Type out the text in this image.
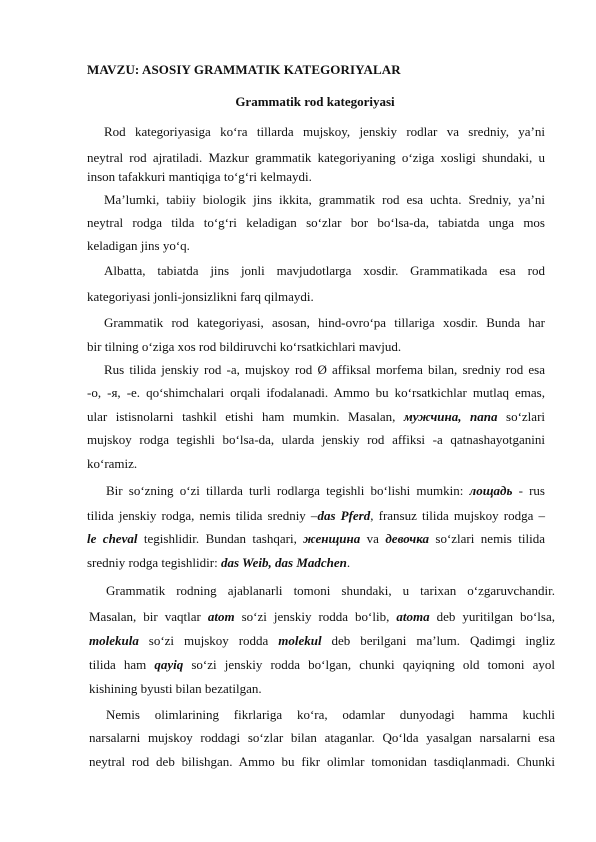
MAVZU: ASOSIY GRAMMATIK KATEGORIYALAR
Grammatik rod kategoriyasi
Rod kategoriyasiga ko‘ra tillarda mujskoy, jenskiy rodlar va sredniy, ya’ni
neytral rod ajratiladi. Mazkur grammatik kategoriyaning o‘ziga xosligi shundaki, u
inson tafakkuri mantiqiga to‘g‘ri kelmaydi.
Ma’lumki, tabiiy biologik jins ikkita, grammatik rod esa uchta. Sredniy, ya’ni
neytral rodga tilda to‘g‘ri keladigan so‘zlar bor bo‘lsa-da, tabiatda unga mos
keladigan jins yo‘q.
Albatta, tabiatda jins jonli mavjudotlarga xosdir. Grammatikada esa rod
kategoriyasi jonli-jonsizlikni farq qilmaydi.
Grammatik rod kategoriyasi, asosan, hind-ovro‘pa tillariga xosdir. Bunda har
bir tilning o‘ziga xos rod bildiruvchi ko‘rsatkichlari mavjud.
Rus tilida jenskiy rod -a, mujskoy rod Ø affiksal morfema bilan, sredniy rod esa
-o, -я, -e. qo‘shimchalari orqali ifodalanadi. Ammo bu ko‘rsatkichlar mutlaq emas,
ular istisnolarni tashkil etishi ham mumkin. Masalan, мужчина, папа so‘zlari
mujskoy rodga tegishli bo‘lsa-da, ularda jenskiy rod affiksi -a qatnashayotganini
ko‘ramiz.
Bir so‘zning o‘zi tillarda turli rodlarga tegishli bo‘lishi mumkin: лощадь - rus
tilida jenskiy rodga, nemis tilida sredniy –das Pferd, fransuz tilida mujskoy rodga –
le cheval tegishlidir. Bundan tashqari, женщина va девочка so‘zlari nemis tilida
sredniy rodga tegishlidir: das Weib, das Madchen.
Grammatik rodning ajablanarli tomoni shundaki, u tarixan o‘zgaruvchandir.
Masalan, bir vaqtlar atom so‘zi jenskiy rodda bo‘lib, atoma deb yuritilgan bo‘lsa,
molekula so‘zi mujskoy rodda molekul deb berilgani ma’lum. Qadimgi ingliz
tilida ham qayiq so‘zi jenskiy rodda bo‘lgan, chunki qayiqning old tomoni ayol
kishining byusti bilan bezatilgan.
Nemis olimlarining fikrlariga ko‘ra, odamlar dunyodagi hamma kuchli
narsalarni mujskoy roddagi so‘zlar bilan ataganlar. Qo‘lda yasalgan narsalarni esa
neytral rod deb bilishgan. Ammo bu fikr olimlar tomonidan tasdiqlanmadi. Chunki
